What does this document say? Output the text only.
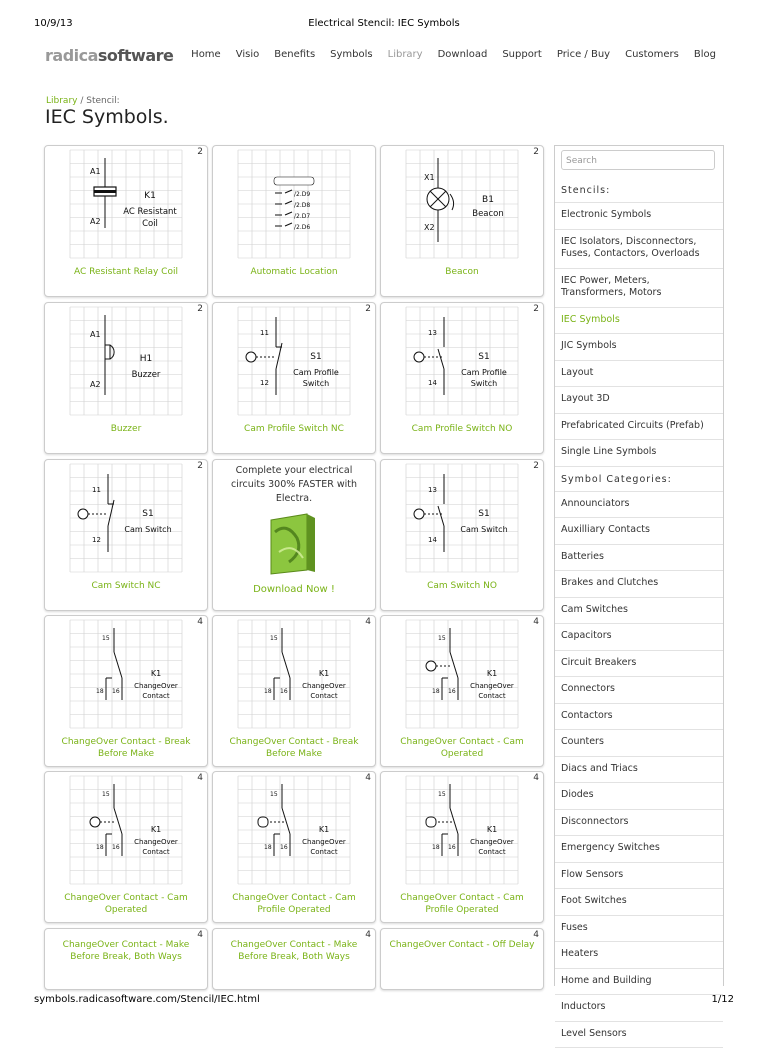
10/9/13	Electrical Stencil: IEC Symbols
radicasoftware Home Visio Benefits Symbols Library Download Support Price / Buy Customers Blog
Library / Stencil:
IEC Symbols.
2
A1
A2
K1
AC Resistant
Coil
AC Resistant Relay Coil
/2.D9
/2.D8
/2.D7
/2.D6
Automatic Location
2
X1
X2
B1
Beacon
Beacon
2
A1
A2
H1
Buzzer
Buzzer
2
11
12
S1
Cam Profile
Switch
Cam Profile Switch NC
2
13
14
S1
Cam Profile
Switch
Cam Profile Switch NO
2
11
12
S1
Cam Switch
Cam Switch NC
Complete your electrical circuits 300% FASTER with Electra.
Download Now !
2
13
14
S1
Cam Switch
Cam Switch NO
4
15
18 16
K1
ChangeOver
Contact
ChangeOver Contact - Break Before Make
4
15
18 16
K1
ChangeOver
Contact
ChangeOver Contact - Break Before Make
4
15
18 16
K1
ChangeOver
Contact
ChangeOver Contact - Cam Operated
4
15
18 16
K1
ChangeOver
Contact
ChangeOver Contact - Cam Operated
4
15
18 16
K1
ChangeOver
Contact
ChangeOver Contact - Cam Profile Operated
4
15
18 16
K1
ChangeOver
Contact
ChangeOver Contact - Cam Profile Operated
4
ChangeOver Contact - Make Before Break, Both Ways
4
ChangeOver Contact - Make Before Break, Both Ways
4
ChangeOver Contact - Off Delay
Search
Stencils:
Electronic Symbols
IEC Isolators, Disconnectors, Fuses, Contactors, Overloads
IEC Power, Meters, Transformers, Motors
IEC Symbols
JIC Symbols
Layout
Layout 3D
Prefabricated Circuits (Prefab)
Single Line Symbols
Symbol Categories:
Announciators
Auxilliary Contacts
Batteries
Brakes and Clutches
Cam Switches
Capacitors
Circuit Breakers
Connectors
Contactors
Counters
Diacs and Triacs
Diodes
Disconnectors
Emergency Switches
Flow Sensors
Foot Switches
Fuses
Heaters
Home and Building
Inductors
Level Sensors
symbols.radicasoftware.com/Stencil/IEC.html	1/12
